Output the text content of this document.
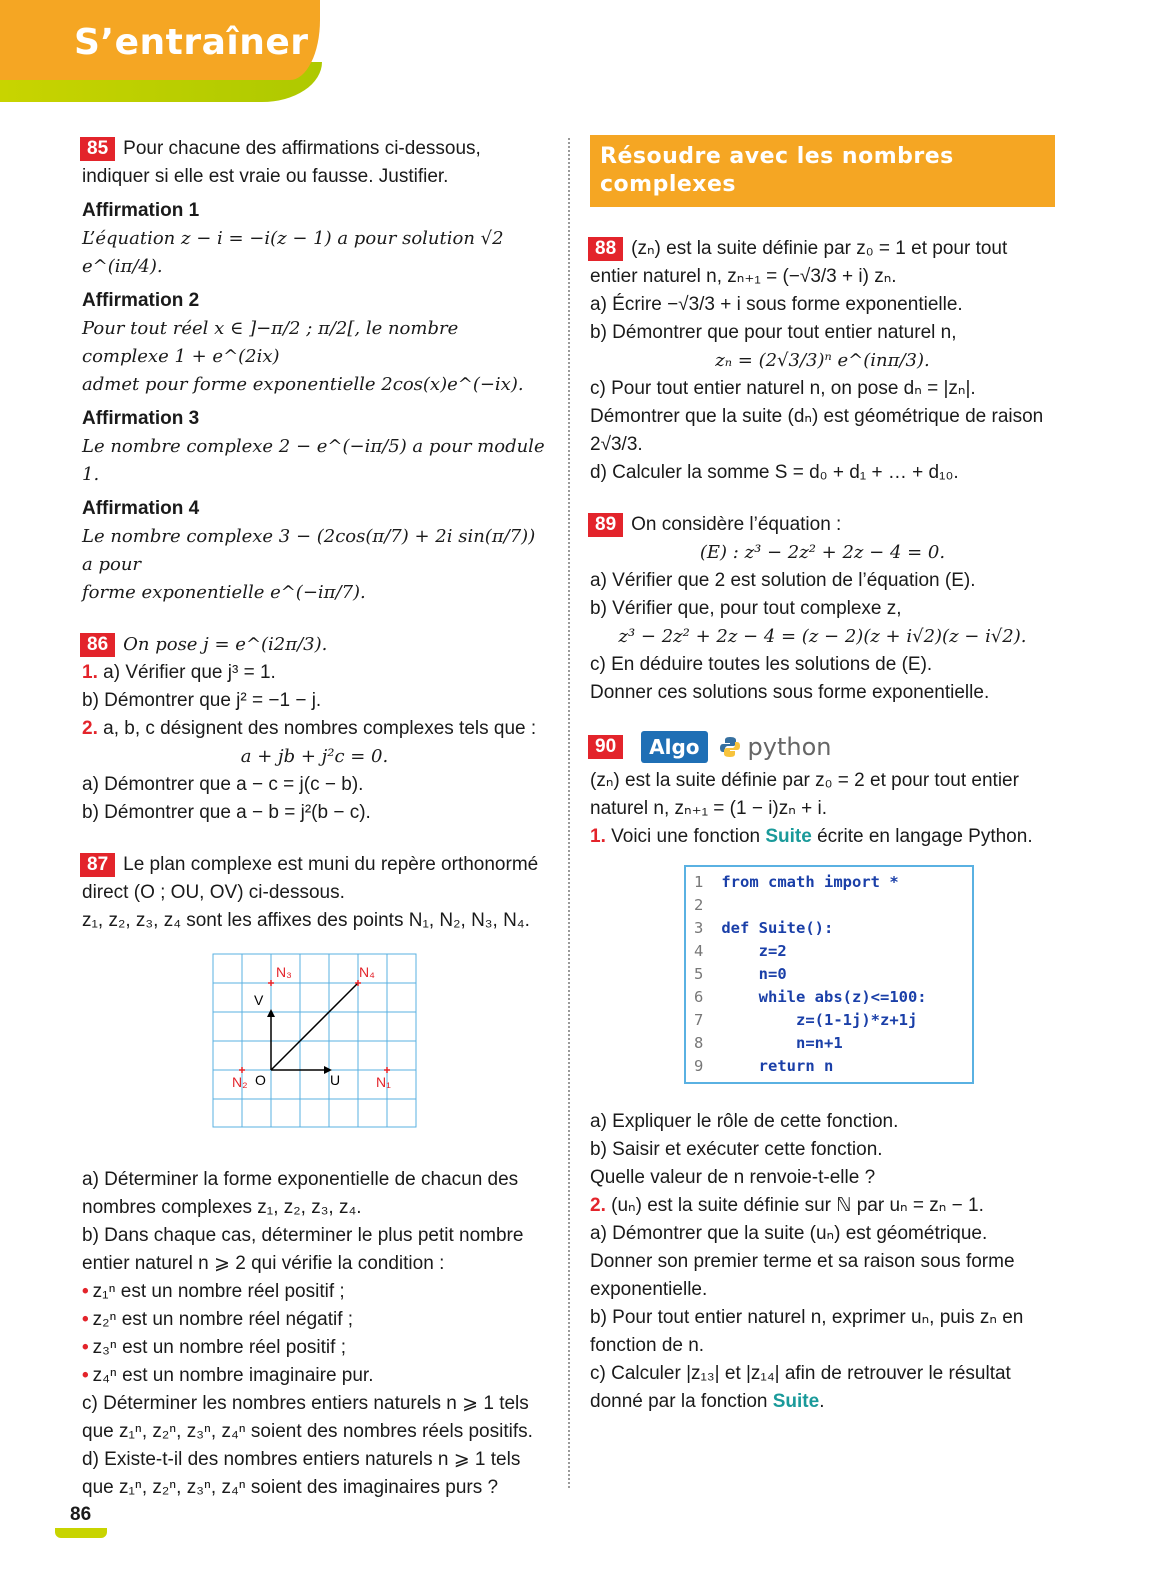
S’entraîner
85 Pour chacune des affirmations ci-dessous, indiquer si elle est vraie ou fausse. Justifier.
Affirmation 1
L’équation z − i = −i(z − 1) a pour solution √2 e^(iπ/4).
Affirmation 2
Pour tout réel x ∈ ]−π/2 ; π/2[, le nombre complexe 1 + e^(2ix)
admet pour forme exponentielle 2cos(x)e^(−ix).
Affirmation 3
Le nombre complexe 2 − e^(−iπ/5) a pour module 1.
Affirmation 4
Le nombre complexe 3 − (2cos(π/7) + 2i sin(π/7)) a pour
forme exponentielle e^(−iπ/7).
86 On pose j = e^(i2π/3).
1. a) Vérifier que j³ = 1.
b) Démontrer que j² = −1 − j.
2. a, b, c désignent des nombres complexes tels que :
a + jb + j²c = 0.
a) Démontrer que a − c = j(c − b).
b) Démontrer que a − b = j²(b − c).
87 Le plan complexe est muni du repère orthonormé
direct (O ; OU, OV) ci-dessous.
z₁, z₂, z₃, z₄ sont les affixes des points N₁, N₂, N₃, N₄.
N₃	N₄
V
O	U
N₂	N₁
a) Déterminer la forme exponentielle de chacun des nombres complexes z₁, z₂, z₃, z₄.
b) Dans chaque cas, déterminer le plus petit nombre entier naturel n ⩾ 2 qui vérifie la condition :
• z₁ⁿ est un nombre réel positif ;
• z₂ⁿ est un nombre réel négatif ;
• z₃ⁿ est un nombre réel positif ;
• z₄ⁿ est un nombre imaginaire pur.
c) Déterminer les nombres entiers naturels n ⩾ 1 tels que z₁ⁿ, z₂ⁿ, z₃ⁿ, z₄ⁿ soient des nombres réels positifs.
d) Existe-t-il des nombres entiers naturels n ⩾ 1 tels que z₁ⁿ, z₂ⁿ, z₃ⁿ, z₄ⁿ soient des imaginaires purs ?
Résoudre avec les nombres complexes
88 (zₙ) est la suite définie par z₀ = 1 et pour tout
entier naturel n, zₙ₊₁ = (−√3/3 + i) zₙ.
a) Écrire −√3/3 + i sous forme exponentielle.
b) Démontrer que pour tout entier naturel n,
zₙ = (2√3/3)ⁿ e^(inπ/3).
c) Pour tout entier naturel n, on pose dₙ = |zₙ|.
Démontrer que la suite (dₙ) est géométrique de raison 2√3/3.
d) Calculer la somme S = d₀ + d₁ + … + d₁₀.
89 On considère l’équation :
(E) : z³ − 2z² + 2z − 4 = 0.
a) Vérifier que 2 est solution de l’équation (E).
b) Vérifier que, pour tout complexe z,
z³ − 2z² + 2z − 4 = (z − 2)(z + i√2)(z − i√2).
c) En déduire toutes les solutions de (E).
Donner ces solutions sous forme exponentielle.
90	Algo	python
(zₙ) est la suite définie par z₀ = 2 et pour tout entier naturel n, zₙ₊₁ = (1 − i)zₙ + i.
1. Voici une fonction Suite écrite en langage Python.
1 from cmath import *
2
3 def Suite():
4     z=2
5     n=0
6     while abs(z)<=100:
7         z=(1-1j)*z+1j
8         n=n+1
9     return n
a) Expliquer le rôle de cette fonction.
b) Saisir et exécuter cette fonction.
Quelle valeur de n renvoie-t-elle ?
2. (uₙ) est la suite définie sur ℕ par uₙ = zₙ − 1.
a) Démontrer que la suite (uₙ) est géométrique.
Donner son premier terme et sa raison sous forme exponentielle.
b) Pour tout entier naturel n, exprimer uₙ, puis zₙ en fonction de n.
c) Calculer |z₁₃| et |z₁₄| afin de retrouver le résultat donné par la fonction Suite.
86
